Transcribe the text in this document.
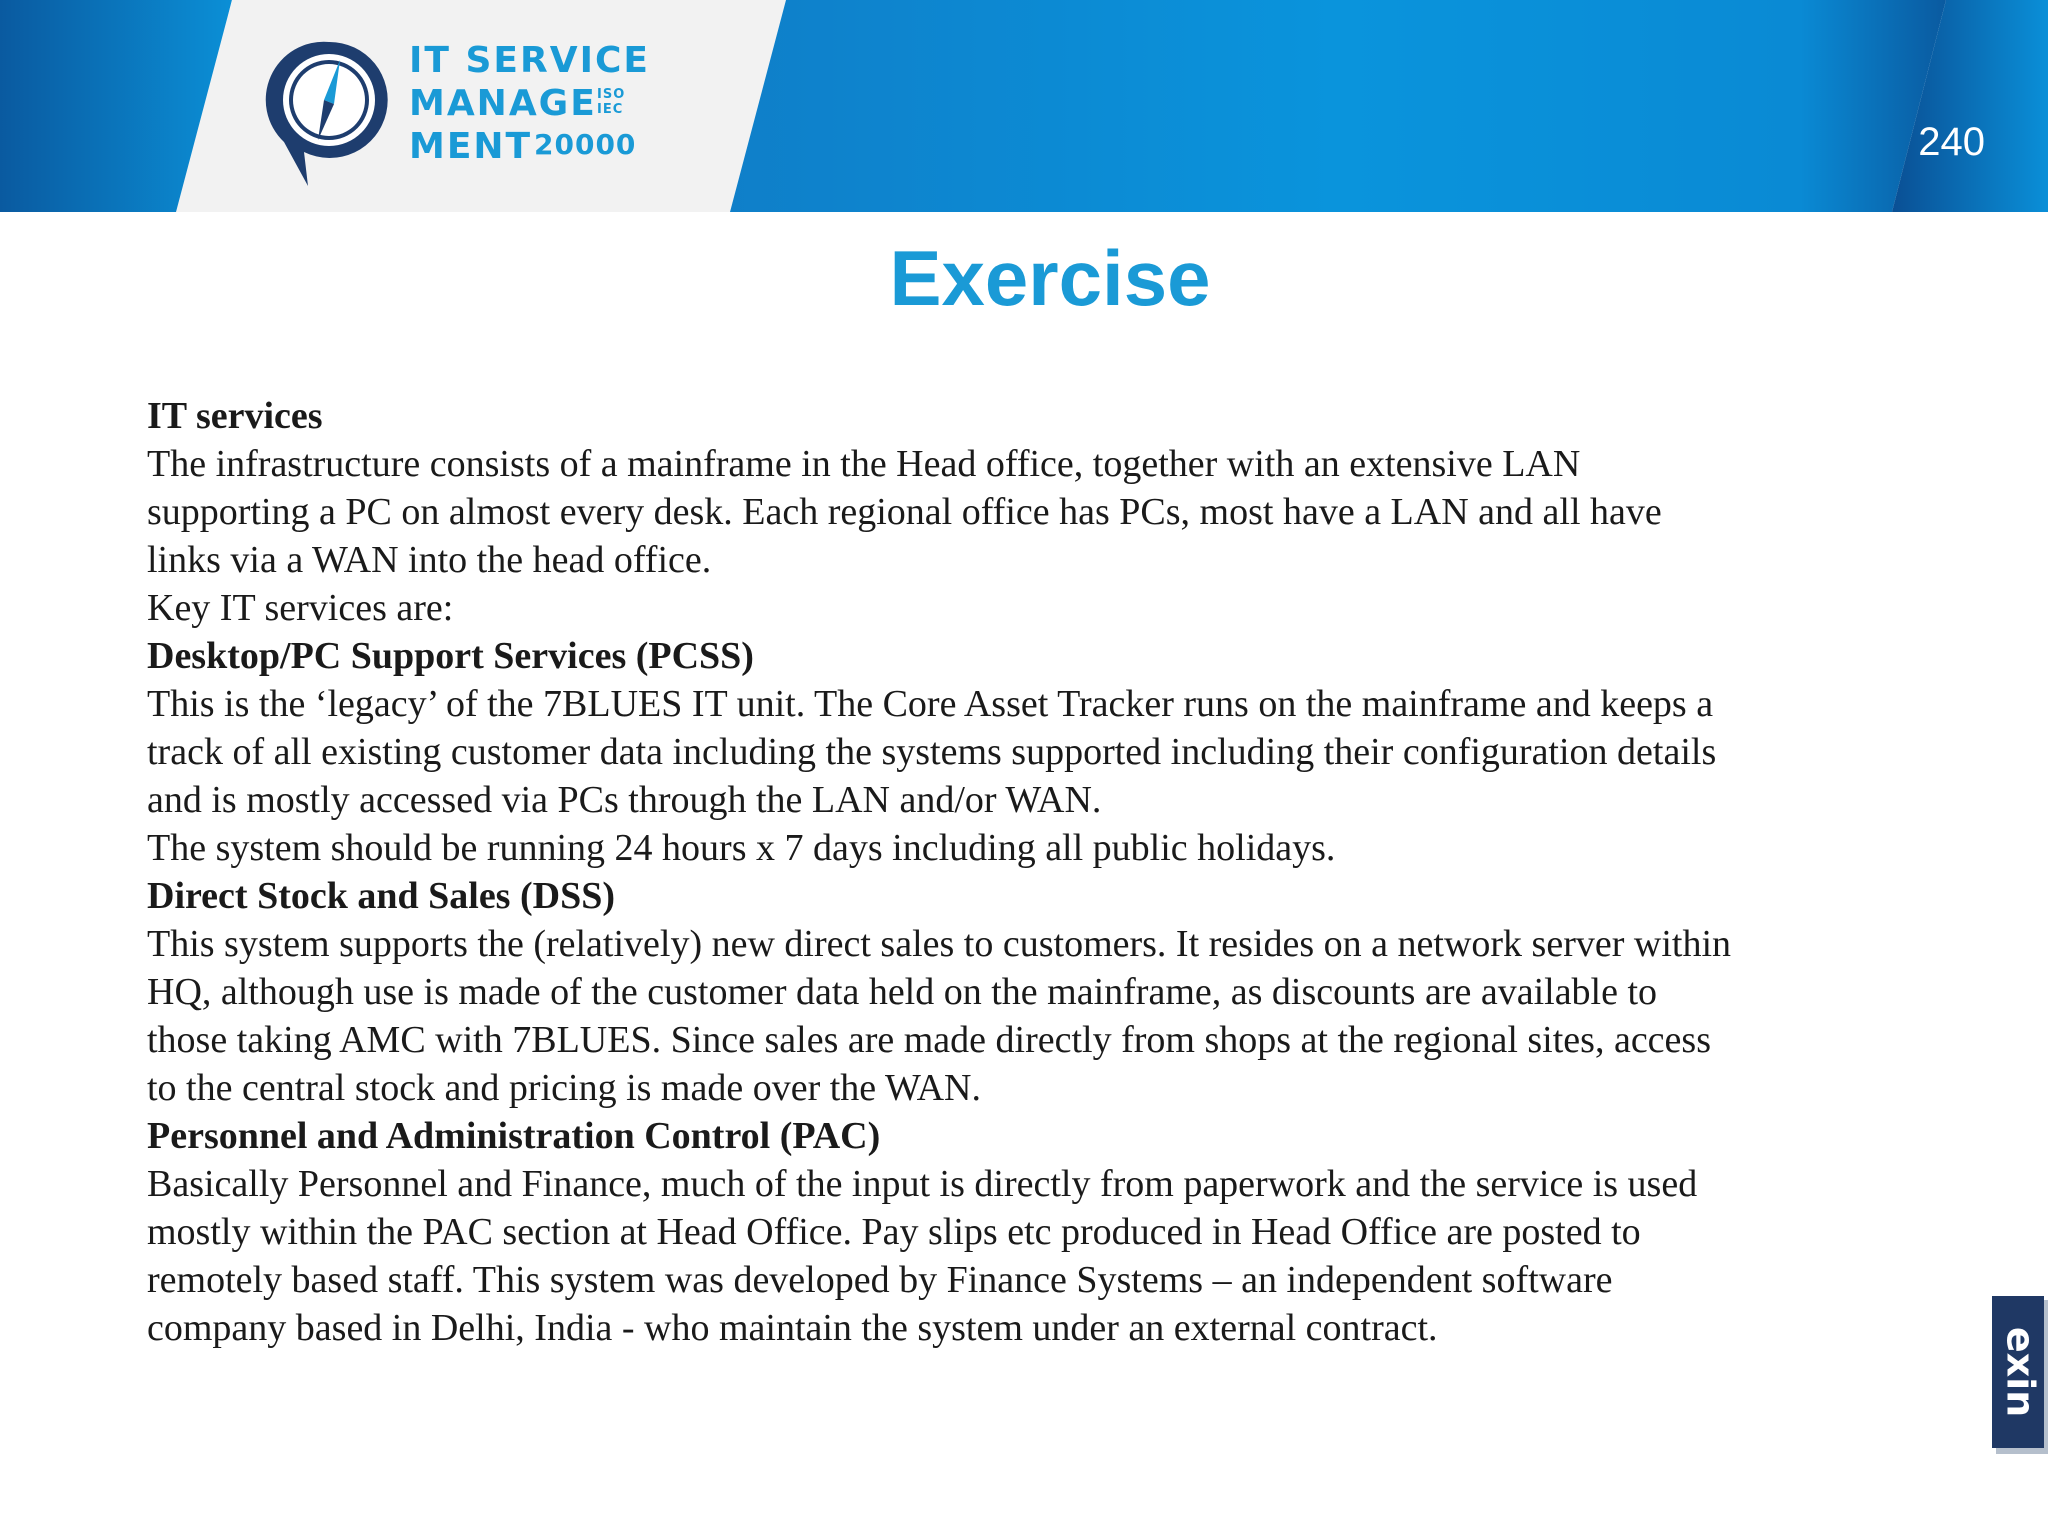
IT SERVICE
MANAGE
MENT
ISO IEC
20000	240
Exercise
IT services
The infrastructure consists of a mainframe in the Head office, together with an extensive LAN
supporting a PC on almost every desk. Each regional office has PCs, most have a LAN and all have
links via a WAN into the head office.
Key IT services are:
Desktop/PC Support Services (PCSS)
This is the ‘legacy’ of the 7BLUES IT unit. The Core Asset Tracker runs on the mainframe and keeps a
track of all existing customer data including the systems supported including their configuration details
and is mostly accessed via PCs through the LAN and/or WAN.
The system should be running 24 hours x 7 days including all public holidays.
Direct Stock and Sales (DSS)
This system supports the (relatively) new direct sales to customers. It resides on a network server within
HQ, although use is made of the customer data held on the mainframe, as discounts are available to
those taking AMC with 7BLUES. Since sales are made directly from shops at the regional sites, access
to the central stock and pricing is made over the WAN.
Personnel and Administration Control (PAC)
Basically Personnel and Finance, much of the input is directly from paperwork and the service is used
mostly within the PAC section at Head Office. Pay slips etc produced in Head Office are posted to
remotely based staff. This system was developed by Finance Systems – an independent software
company based in Delhi, India - who maintain the system under an external contract.	exin
